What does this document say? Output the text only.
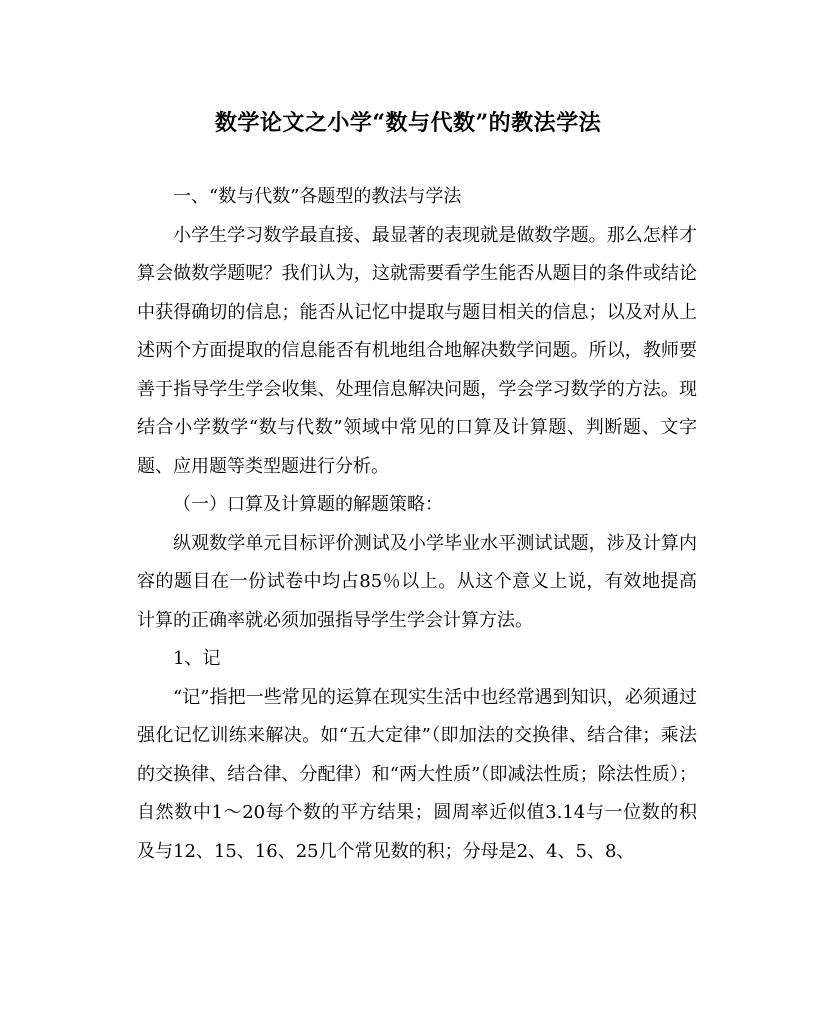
数学论文之小学“数与代数”的教法学法

一、“数与代数”各题型的教法与学法

小学生学习数学最直接、最显著的表现就是做数学题。那么怎样才算会做数学题呢？我们认为，这就需要看学生能否从题目的条件或结论中获得确切的信息；能否从记忆中提取与题目相关的信息；以及对从上述两个方面提取的信息能否有机地组合地解决数学问题。所以，教师要善于指导学生学会收集、处理信息解决问题，学会学习数学的方法。现结合小学数学“数与代数”领域中常见的口算及计算题、判断题、文字题、应用题等类型题进行分析。

（一）口算及计算题的解题策略：

纵观数学单元目标评价测试及小学毕业水平测试试题，涉及计算内容的题目在一份试卷中均占85％以上。从这个意义上说，有效地提高计算的正确率就必须加强指导学生学会计算方法。

1、记

“记”指把一些常见的运算在现实生活中也经常遇到知识，必须通过强化记忆训练来解决。如“五大定律”（即加法的交换律、结合律；乘法的交换律、结合律、分配律）和“两大性质”（即减法性质；除法性质）；自然数中1～20每个数的平方结果；圆周率近似值3.14与一位数的积及与12、15、16、25几个常见数的积；分母是2、4、5、8、
